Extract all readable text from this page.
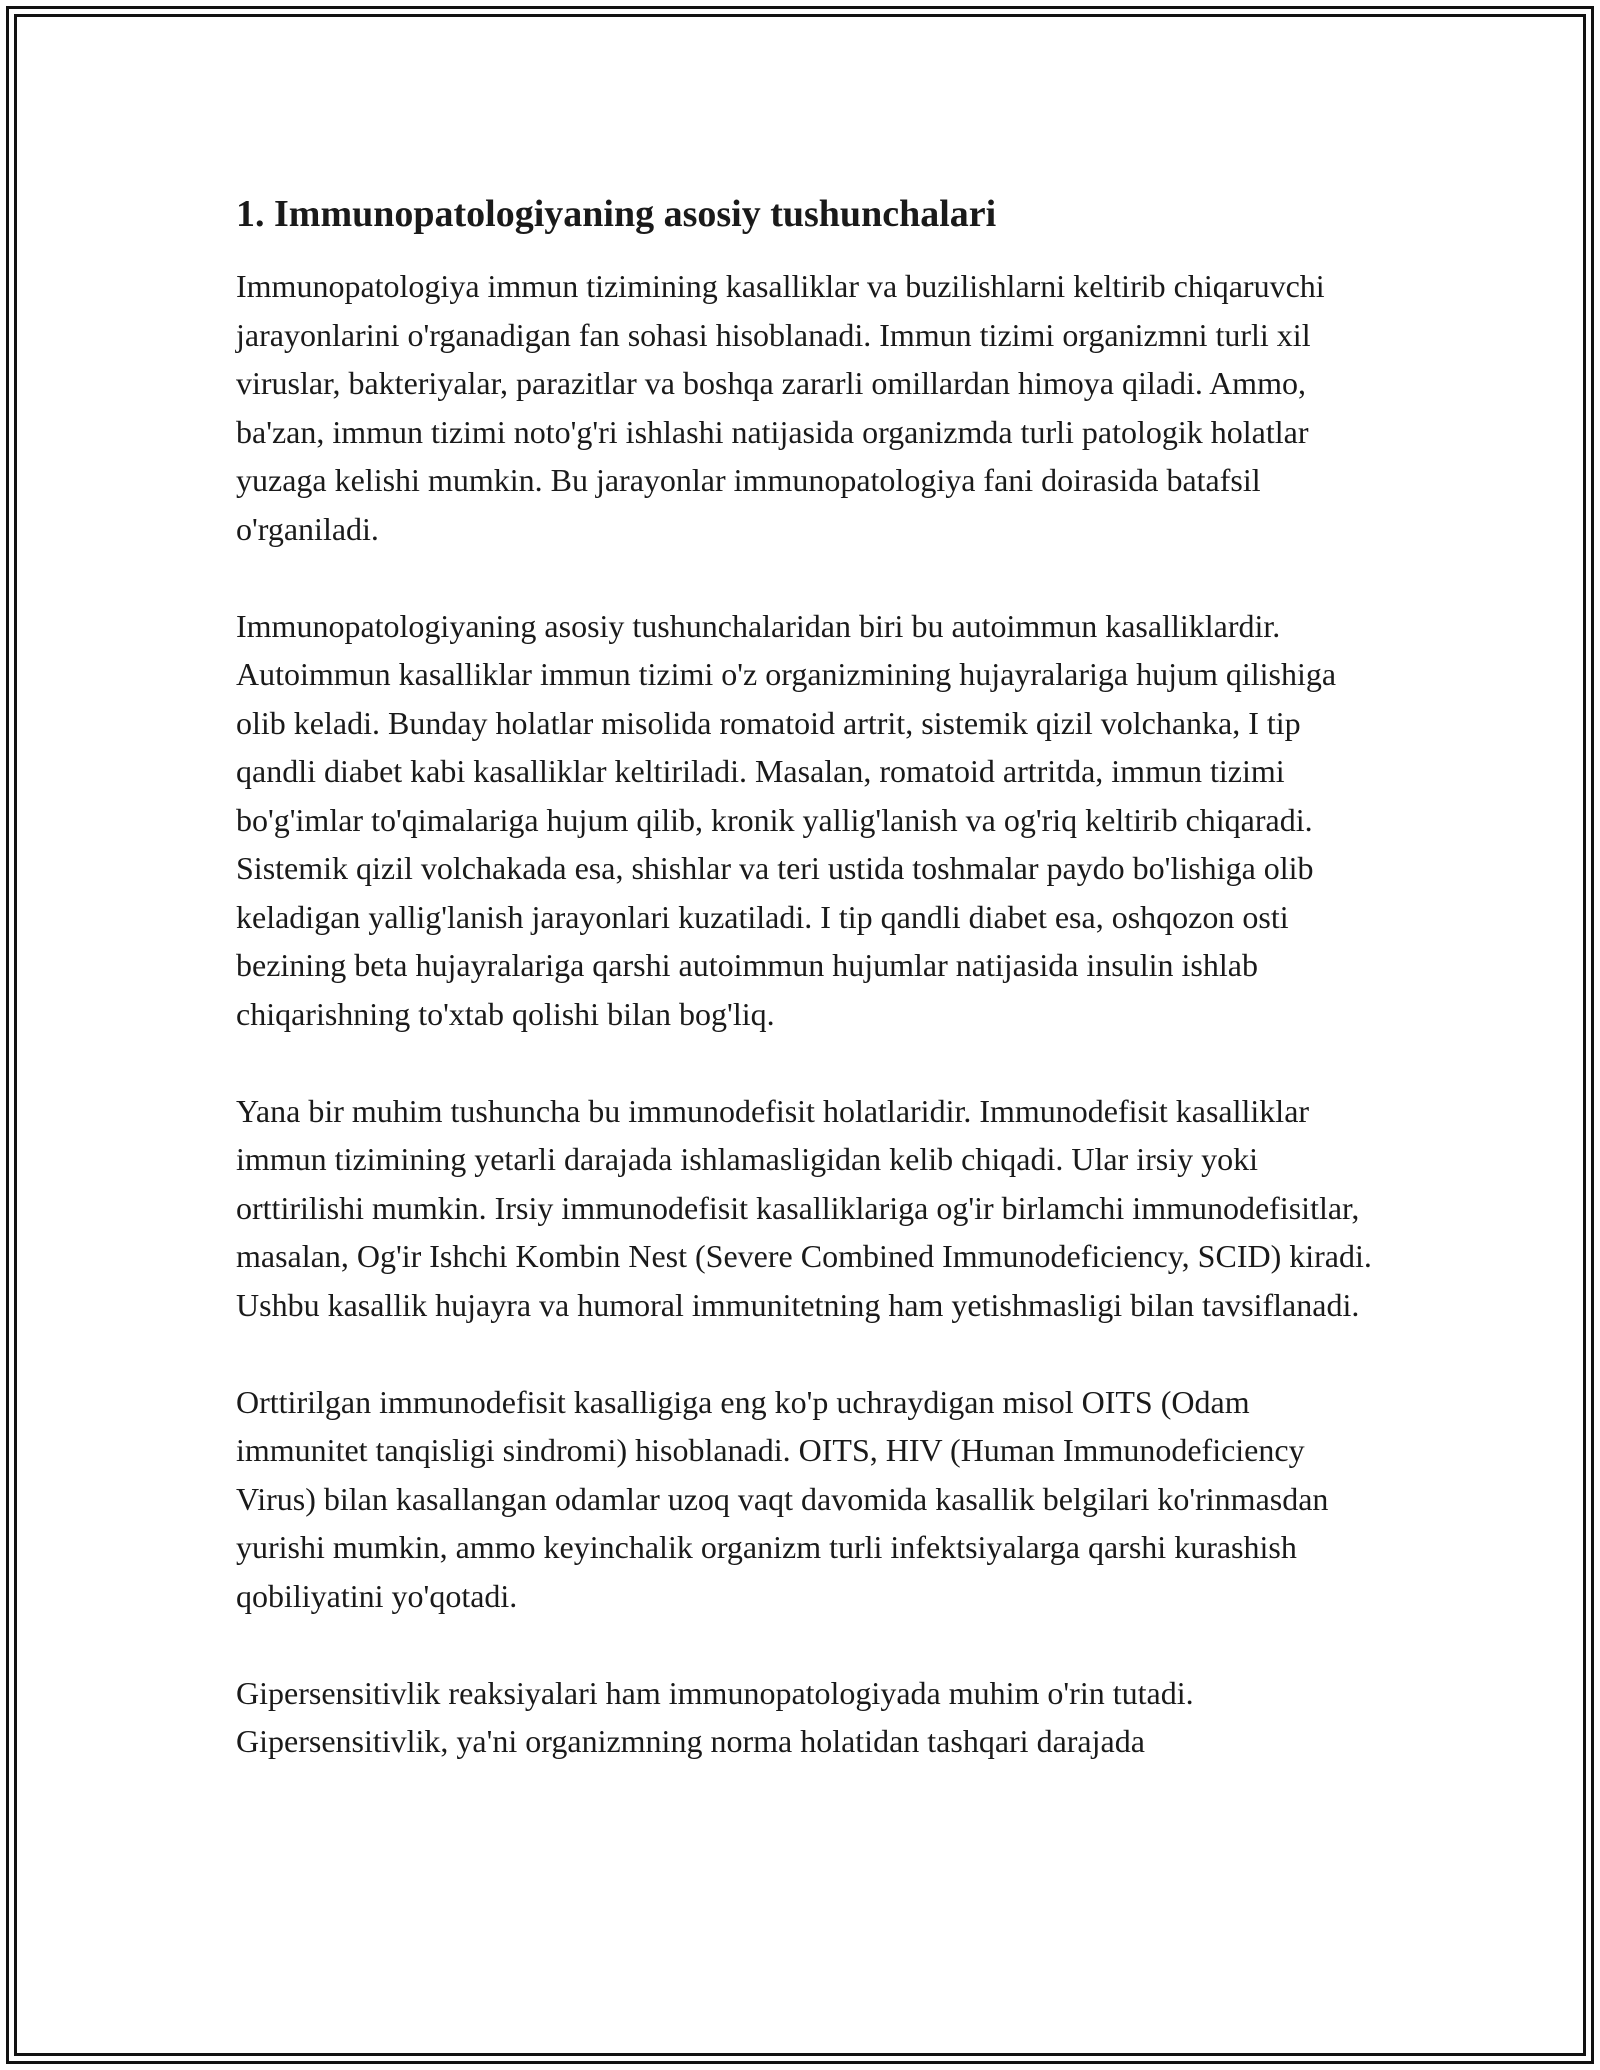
1. Immunopatologiyaning asosiy tushunchalari

Immunopatologiya immun tizimining kasalliklar va buzilishlarni keltirib chiqaruvchi jarayonlarini o'rganadigan fan sohasi hisoblanadi. Immun tizimi organizmni turli xil viruslar, bakteriyalar, parazitlar va boshqa zararli omillardan himoya qiladi. Ammo, ba'zan, immun tizimi noto'g'ri ishlashi natijasida organizmda turli patologik holatlar yuzaga kelishi mumkin. Bu jarayonlar immunopatologiya fani doirasida batafsil o'rganiladi.

Immunopatologiyaning asosiy tushunchalaridan biri bu autoimmun kasalliklardir. Autoimmun kasalliklar immun tizimi o'z organizmining hujayralariga hujum qilishiga olib keladi. Bunday holatlar misolida romatoid artrit, sistemik qizil volchanka, I tip qandli diabet kabi kasalliklar keltiriladi. Masalan, romatoid artritda, immun tizimi bo'g'imlar to'qimalariga hujum qilib, kronik yallig'lanish va og'riq keltirib chiqaradi. Sistemik qizil volchakada esa, shishlar va teri ustida toshmalar paydo bo'lishiga olib keladigan yallig'lanish jarayonlari kuzatiladi. I tip qandli diabet esa, oshqozon osti bezining beta hujayralariga qarshi autoimmun hujumlar natijasida insulin ishlab chiqarishning to'xtab qolishi bilan bog'liq.

Yana bir muhim tushuncha bu immunodefisit holatlaridir. Immunodefisit kasalliklar immun tizimining yetarli darajada ishlamasligidan kelib chiqadi. Ular irsiy yoki orttirilishi mumkin. Irsiy immunodefisit kasalliklariga og'ir birlamchi immunodefisitlar, masalan, Og'ir Ishchi Kombin Nest (Severe Combined Immunodeficiency, SCID) kiradi. Ushbu kasallik hujayra va humoral immunitetning ham yetishmasligi bilan tavsiflanadi.

Orttirilgan immunodefisit kasalligiga eng ko'p uchraydigan misol OITS (Odam immunitet tanqisligi sindromi) hisoblanadi. OITS, HIV (Human Immunodeficiency Virus) bilan kasallangan odamlar uzoq vaqt davomida kasallik belgilari ko'rinmasdan yurishi mumkin, ammo keyinchalik organizm turli infektsiyalarga qarshi kurashish qobiliyatini yo'qotadi.

Gipersensitivlik reaksiyalari ham immunopatologiyada muhim o'rin tutadi. Gipersensitivlik, ya'ni organizmning norma holatidan tashqari darajada
